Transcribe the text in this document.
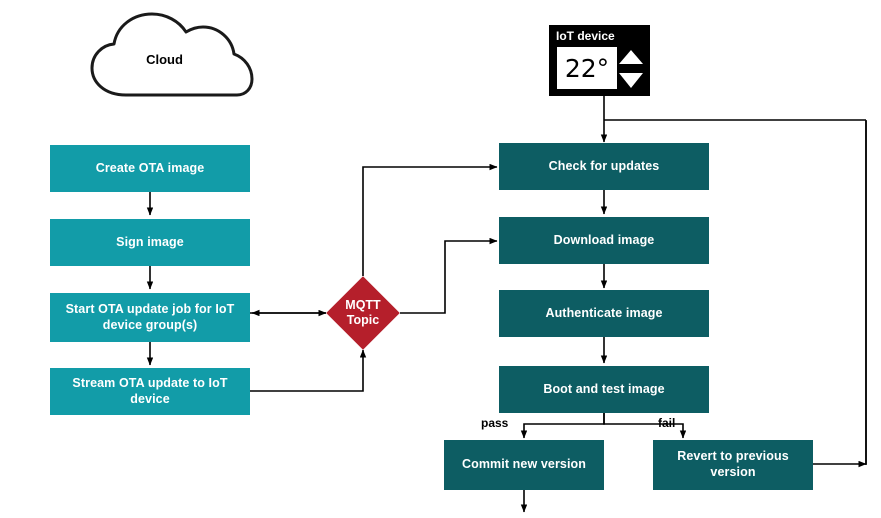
Cloud
IoT device
22°
Create OTA image
Sign image
Start OTA update job for IoT device group(s)
Stream OTA update to IoT device
MQTT Topic
Check for updates
Download image
Authenticate image
Boot and test image
Commit new version
Revert to previous version
pass	fail
